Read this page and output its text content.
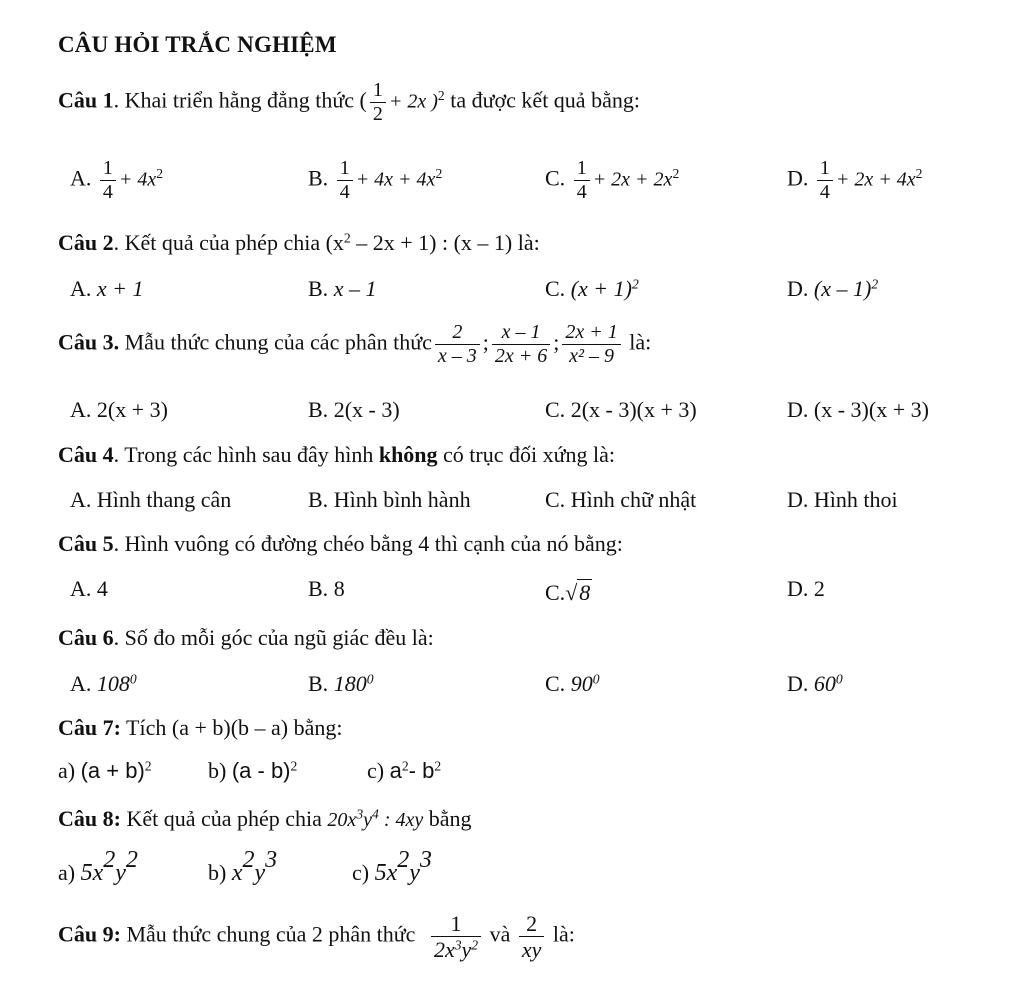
CÂU HỎI TRẮC NGHIỆM
Câu 1. Khai triển hằng đẳng thức ( $\frac{1}{2} + 2x$ )$^2$ ta được kết quả bằng:
A. $\frac{1}{4} + 4x^2$	B. $\frac{1}{4} + 4x + 4x^2$	C. $\frac{1}{4} + 2x + 2x^2$	D. $\frac{1}{4} + 2x + 4x^2$
Câu 2. Kết quả của phép chia $(x^2 - 2x + 1)$ : (x – 1) là:
A. x + 1	B. x – 1	C. $(x + 1)^2$	D. (x – 1)$^2$
Câu 3. Mẫu thức chung của các phân thức $\frac{2}{x - 3}$ ; $\frac{x - 1}{2x + 6}$ ; $\frac{2x + 1}{\text{x² – 9}}$ là:
A. 2(x + 3)	B. 2(x - 3)	C. 2(x - 3)(x + 3)	D. (x - 3)(x + 3)
Câu 4. Trong các hình sau đây hình không có trục đối xứng là:
A. Hình thang cân	B. Hình bình hành	C. Hình chữ nhật	D. Hình thoi
Câu 5. Hình vuông có đường chéo bằng 4 thì cạnh của nó bằng:
A. 4	B. 8	C.√8	D. 2
Câu 6. Số đo mỗi góc của ngũ giác đều là:
A. $108^0$	B. $180^0$	C. $90^0$	D. $60^0$
Câu 7: Tích (a + b)(b – a) bằng:
a) $(a + b)^2$	b) (a - b)$^2$	c) $a^2-$ $b^2$
Câu 8: Kết quả của phép chia $20x^3y^4$ : 4xy bằng
a) $5x^2y^2$	b) $x^2y^3$	c) $5x^2y^3$
Câu 9: Mẫu thức chung của 2 phân thức $\frac{1}{2x^3y^2}$ và $\frac{2}{xy}$ là:
